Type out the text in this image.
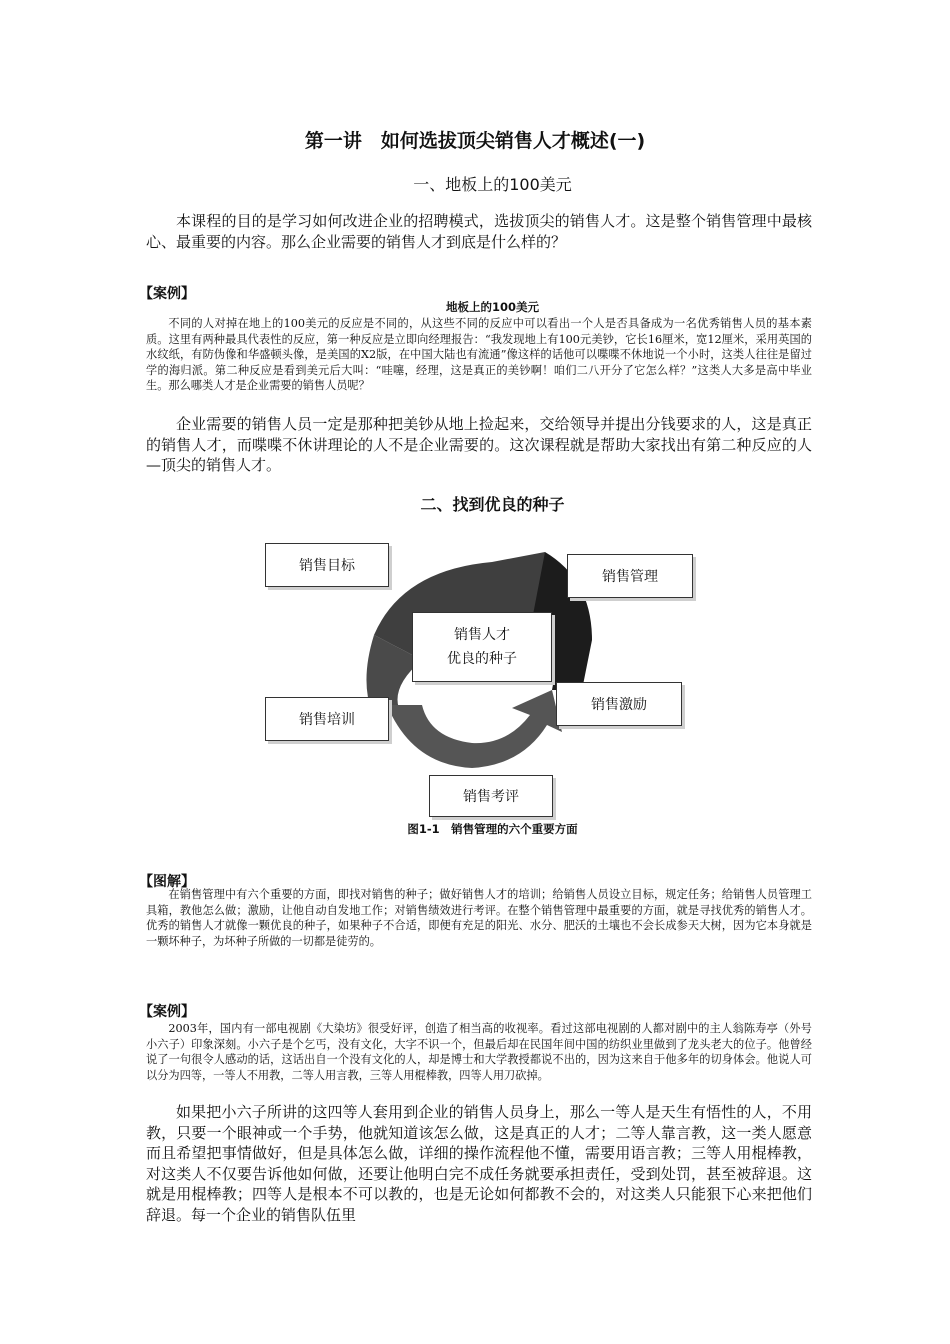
第一讲　如何选拔顶尖销售人才概述(一)
一、地板上的100美元
本课程的目的是学习如何改进企业的招聘模式，选拔顶尖的销售人才。这是整个销售管理中最核心、最重要的内容。那么企业需要的销售人才到底是什么样的？
【案例】
地板上的100美元
不同的人对掉在地上的100美元的反应是不同的，从这些不同的反应中可以看出一个人是否具备成为一名优秀销售人员的基本素质。这里有两种最具代表性的反应，第一种反应是立即向经理报告：“我发现地上有100元美钞，它长16厘米，宽12厘米，采用英国的水纹纸，有防伪像和华盛顿头像，是美国的X2版，在中国大陆也有流通”像这样的话他可以喋喋不休地说一个小时，这类人往往是留过学的海归派。第二种反应是看到美元后大叫：“哇噻，经理，这是真正的美钞啊！咱们二八开分了它怎么样？”这类人大多是高中毕业生。那么哪类人才是企业需要的销售人员呢？
企业需要的销售人员一定是那种把美钞从地上捡起来，交给领导并提出分钱要求的人，这是真正的销售人才，而喋喋不休讲理论的人不是企业需要的。这次课程就是帮助大家找出有第二种反应的人—顶尖的销售人才。
二、找到优良的种子
销售人才
优良的种子
销售目标
销售管理
销售激励
销售培训
销售考评
图1-1　销售管理的六个重要方面
【图解】
在销售管理中有六个重要的方面，即找对销售的种子；做好销售人才的培训；给销售人员设立目标，规定任务；给销售人员管理工具箱，教他怎么做；激励，让他自动自发地工作；对销售绩效进行考评。在整个销售管理中最重要的方面，就是寻找优秀的销售人才。优秀的销售人才就像一颗优良的种子，如果种子不合适，即便有充足的阳光、水分、肥沃的土壤也不会长成参天大树，因为它本身就是一颗坏种子，为坏种子所做的一切都是徒劳的。
【案例】
2003年，国内有一部电视剧《大染坊》很受好评，创造了相当高的收视率。看过这部电视剧的人都对剧中的主人翁陈寿亭（外号小六子）印象深刻。小六子是个乞丐，没有文化，大字不识一个，但最后却在民国年间中国的纺织业里做到了龙头老大的位子。他曾经说了一句很令人感动的话，这话出自一个没有文化的人，却是博士和大学教授都说不出的，因为这来自于他多年的切身体会。他说人可以分为四等，一等人不用教，二等人用言教，三等人用棍棒教，四等人用刀砍掉。
如果把小六子所讲的这四等人套用到企业的销售人员身上，那么一等人是天生有悟性的人，不用教，只要一个眼神或一个手势，他就知道该怎么做，这是真正的人才；二等人靠言教，这一类人愿意而且希望把事情做好，但是具体怎么做，详细的操作流程他不懂，需要用语言教；三等人用棍棒教，对这类人不仅要告诉他如何做，还要让他明白完不成任务就要承担责任，受到处罚，甚至被辞退。这就是用棍棒教；四等人是根本不可以教的，也是无论如何都教不会的，对这类人只能狠下心来把他们辞退。每一个企业的销售队伍里
